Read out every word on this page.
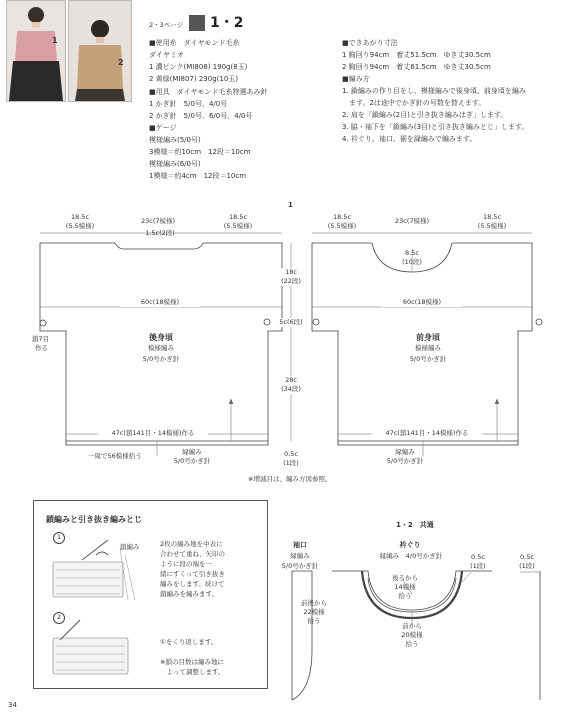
1
2
2・3ページ 1・2
■使用糸　ダイヤモンド毛糸
ダイヤミオ
1 濃ピンク(MI808) 190g(8玉)
2 黄緑(MI807) 230g(10玉)
■用具　ダイヤモンド毛糸特選あみ針
1 かぎ針　5/0号、4/0号
2 かぎ針　5/0号、6/0号、4/0号
■ゲージ
模様編み(5/0号)
3模様＝約10cm　12段＝10cm
模様編み(6/0号)
1模様＝約4cm　12段＝10cm
■できあがり寸法
1 胸回り94cm　着丈51.5cm　ゆき丈30.5cm
2 胸回り94cm　着丈61.5cm　ゆき丈30.5cm
■編み方
1. 鎖編みの作り目をし、模様編みで後身頃、前身頃を編み
　ます。2は途中でかぎ針の号数を替えます。
2. 肩を「鎖編み(2目)と引き抜き編みはぎ」します。
3. 脇・袖下を「鎖編み(3目)と引き抜き編みとじ」します。
4. 衿ぐり、袖口、裾を縁編みで編みます。
1
18.5c
(5.5模様)
23c(7模様)	18.5c
(5.5模様)
1.5c(2段)
60c(18模様)
後身頃
模様編み
5/0号かぎ針
47c(鎖141目・14模様)作る
一周で56模様拾う
鎖7目
作る
18c
(22段)
5c(6段)
28c
(34段)
0.5c
(1段)
18.5c
(5.5模様)
23c(7模様)	18.5c
(5.5模様)
8.5c
(10段)
60c(18模様)
前身頃
模様編み
5/0号かぎ針
47c(鎖141目・14模様)作る
縁編み
5/0号かぎ針
縁編み
5/0号かぎ針
※増減目は、編み方図参照。
鎖編みと引き抜き編みとじ
1
2
鎖編み	2枚の編み地を中表に
合わせて重ね、矢印の
ように段の端を一
緒にすくって引き抜き
編みをします。続けて
鎖編みを編みます。
①をくり返します。
※鎖の目数は編み地に
　よって調整します。
1・2　共通
袖口
縁編み
5/0号かぎ針
前後から
22模様
拾う
衿ぐり
縁編み　4/0号かぎ針
後ろから
14模様
拾う
前から
20模様
拾う
0.5c
(1段)
0.5c
(1段)
34
